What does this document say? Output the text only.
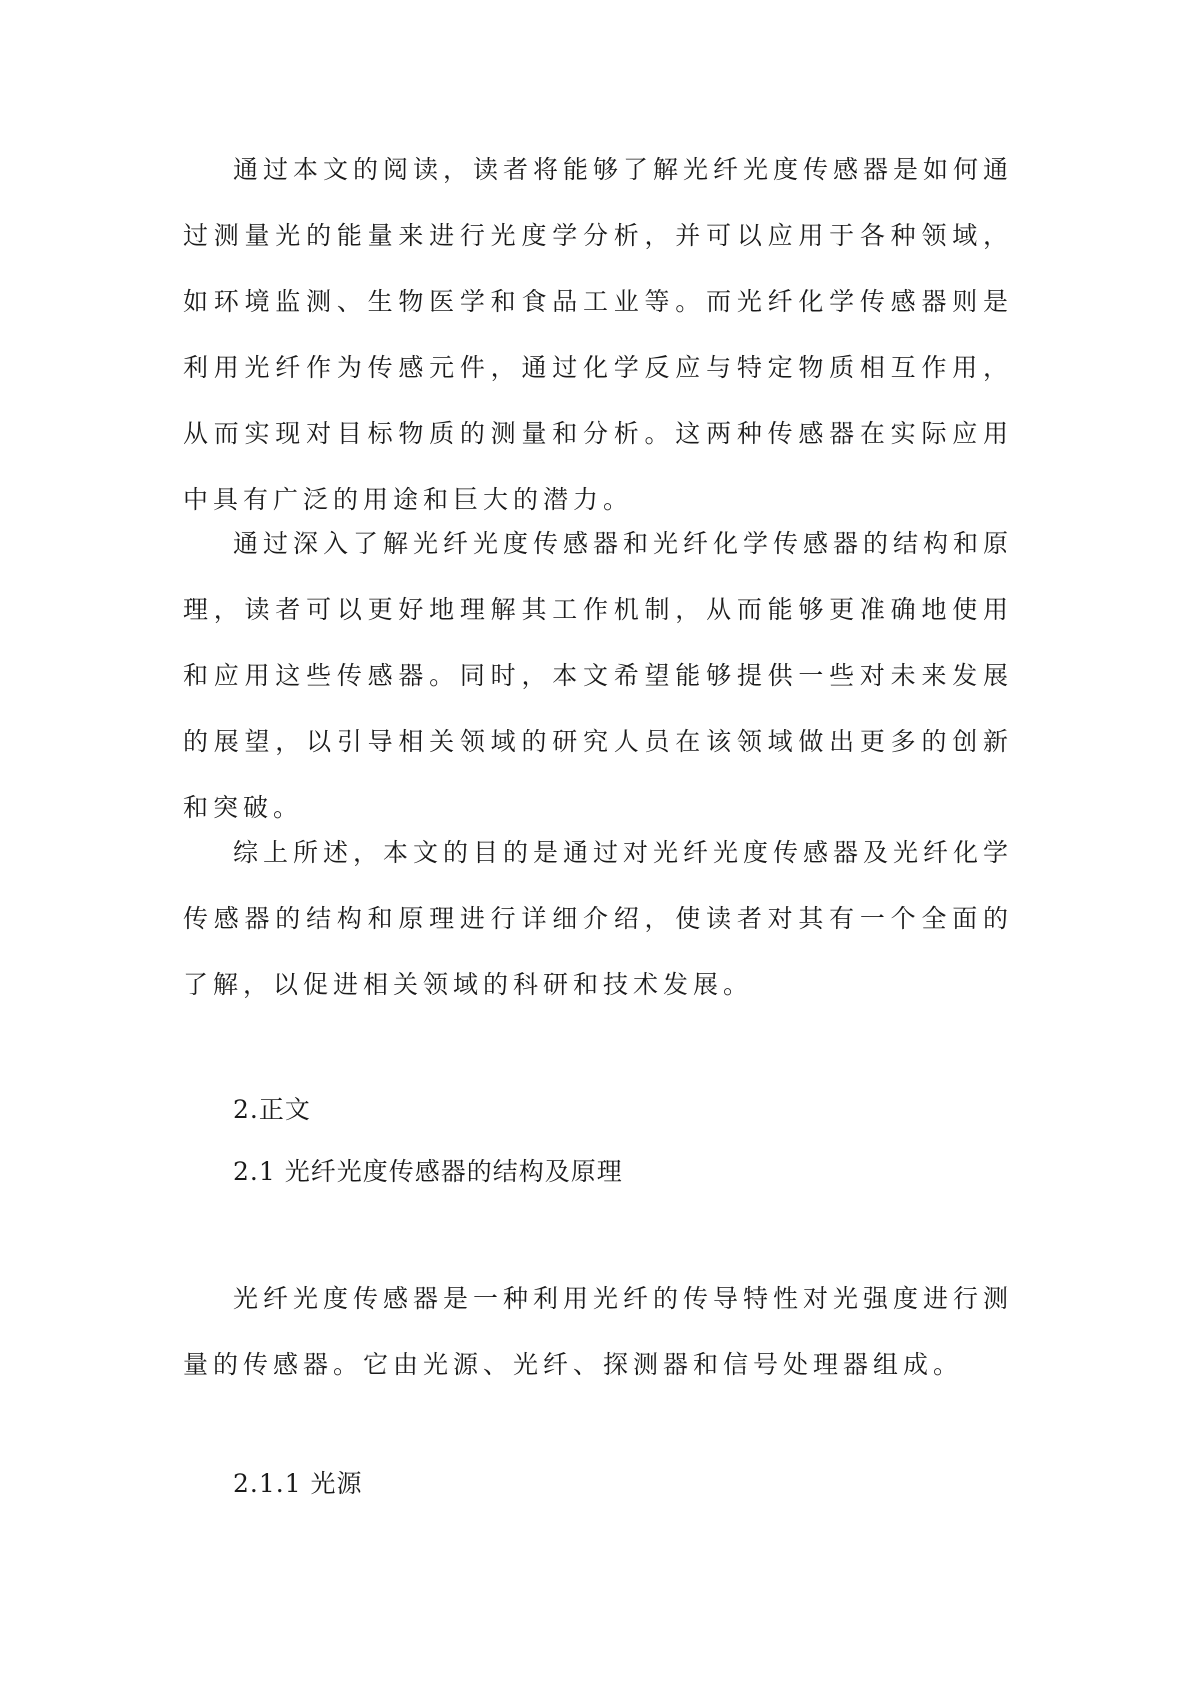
通过本文的阅读，读者将能够了解光纤光度传感器是如何通过测量光的能量来进行光度学分析，并可以应用于各种领域，如环境监测、生物医学和食品工业等。而光纤化学传感器则是利用光纤作为传感元件，通过化学反应与特定物质相互作用，从而实现对目标物质的测量和分析。这两种传感器在实际应用中具有广泛的用途和巨大的潜力。

通过深入了解光纤光度传感器和光纤化学传感器的结构和原理，读者可以更好地理解其工作机制，从而能够更准确地使用和应用这些传感器。同时，本文希望能够提供一些对未来发展的展望，以引导相关领域的研究人员在该领域做出更多的创新和突破。

综上所述，本文的目的是通过对光纤光度传感器及光纤化学传感器的结构和原理进行详细介绍，使读者对其有一个全面的了解，以促进相关领域的科研和技术发展。

2.正文
2.1 光纤光度传感器的结构及原理

光纤光度传感器是一种利用光纤的传导特性对光强度进行测量的传感器。它由光源、光纤、探测器和信号处理器组成。

2.1.1 光源
